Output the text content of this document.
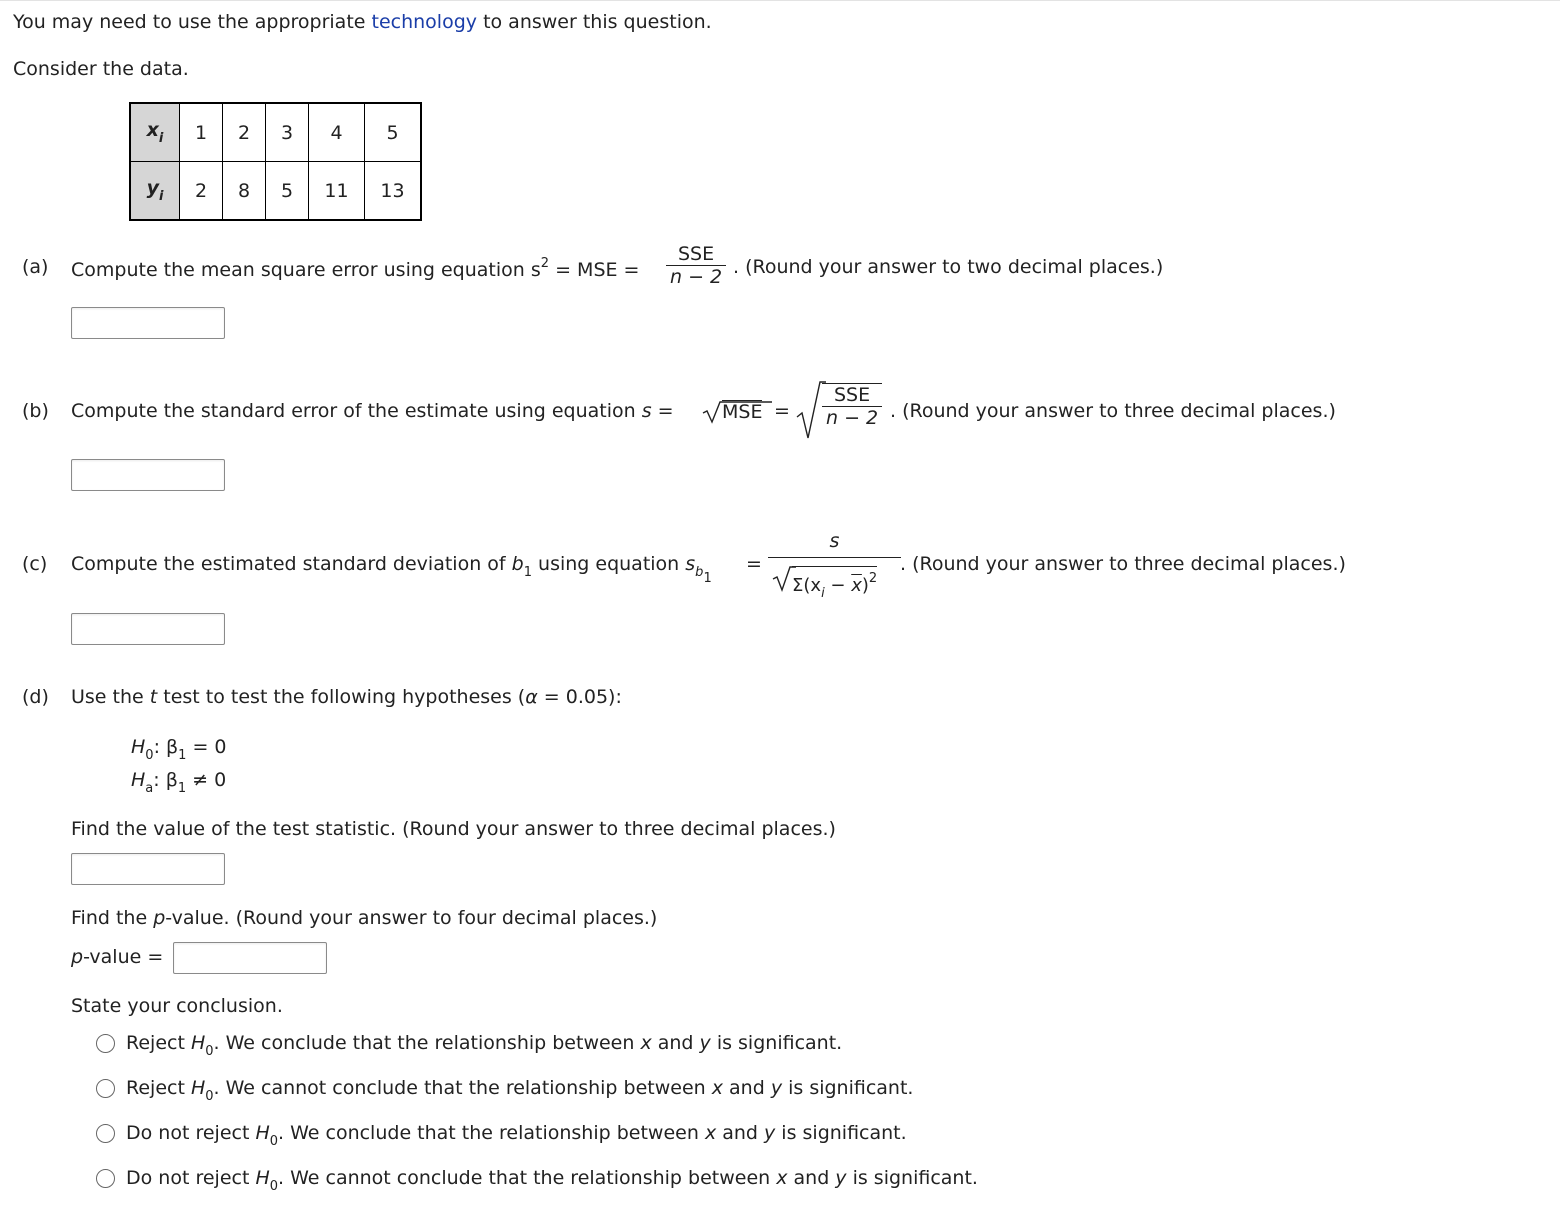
You may need to use the appropriate technology to answer this question.
Consider the data.
$x_i$	1	2	3	4	5
$y_i$	2	8	5	11	13
(a) Compute the mean square error using equation $s^2$ = MSE =
SSE
n − 2 . (Round your answer to two decimal places.)
(b) Compute the standard error of the estimate using equation s =	MSE =
SSE
n − 2 . (Round your answer to three decimal places.)
(c) Compute the estimated standard deviation of $b_1$ using equation $s_{b_1}$
=
s
$\Sigma(x_i - \overline{x})^2$
. (Round your answer to three decimal places.)
(d) Use the t test to test the following hypotheses (α = 0.05):
$H_0$: $\beta_1 = 0$
$H_a$: $\beta_1 \ne 0$
Find the value of the test statistic. (Round your answer to three decimal places.)
Find the p-value. (Round your answer to four decimal places.)
p-value =
State your conclusion.
Reject $H_0$. We conclude that the relationship between x and y is significant.
Reject $H_0$. We cannot conclude that the relationship between x and y is significant.
Do not reject $H_0$. We conclude that the relationship between x and y is significant.
Do not reject $H_0$. We cannot conclude that the relationship between x and y is significant.
